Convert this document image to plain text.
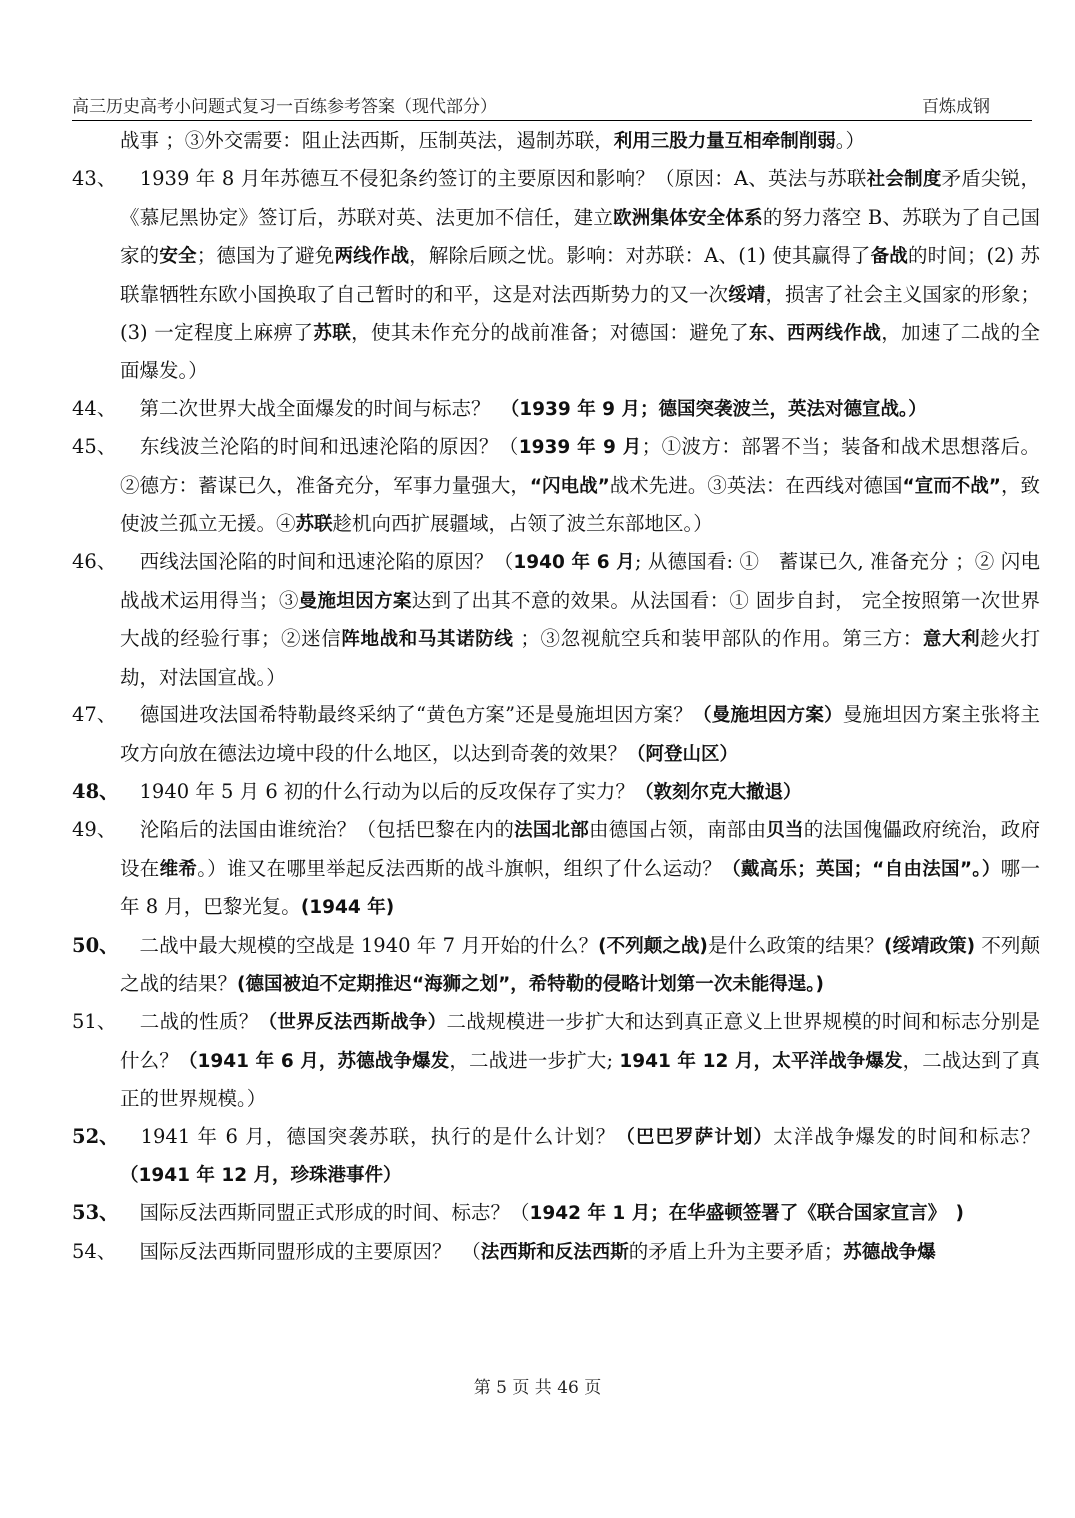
高三历史高考小问题式复习一百练参考答案（现代部分）	百炼成钢
战事 ；③外交需要：阻止法西斯，压制英法，遏制苏联，利用三股力量互相牵制削弱。）
43、 　1939 年 8 月年苏德互不侵犯条约签订的主要原因和影响？（原因：A、英法与苏联社会制度矛盾尖锐，《慕尼黑协定》签订后，苏联对英、法更加不信任，建立欧洲集体安全体系的努力落空 B、苏联为了自己国家的安全；德国为了避免两线作战，解除后顾之忧。影响：对苏联：A、(1) 使其赢得了备战的时间；(2) 苏联靠牺牲东欧小国换取了自己暂时的和平，这是对法西斯势力的又一次绥靖，损害了社会主义国家的形象；(3) 一定程度上麻痹了苏联，使其未作充分的战前准备；对德国：避免了东、西两线作战，加速了二战的全面爆发。）
44、 　第二次世界大战全面爆发的时间与标志？　（1939 年 9 月；德国突袭波兰，英法对德宣战。）
45、 　东线波兰沦陷的时间和迅速沦陷的原因？（1939 年 9 月；①波方：部署不当；装备和战术思想落后。②德方：蓄谋已久，准备充分，军事力量强大，“闪电战”战术先进。③英法：在西线对德国“宣而不战”，致使波兰孤立无援。④苏联趁机向西扩展疆域，占领了波兰东部地区。）
46、 　西线法国沦陷的时间和迅速沦陷的原因？（1940 年 6 月; 从德国看: ①　蓄谋已久, 准备充分 ；② 闪电战战术运用得当；③曼施坦因方案达到了出其不意的效果。从法国看：① 固步自封， 完全按照第一次世界大战的经验行事；②迷信阵地战和马其诺防线 ；③忽视航空兵和装甲部队的作用。第三方：意大利趁火打劫，对法国宣战。）
47、 　德国进攻法国希特勒最终采纳了“黄色方案”还是曼施坦因方案？（曼施坦因方案）曼施坦因方案主张将主攻方向放在德法边境中段的什么地区，以达到奇袭的效果？（阿登山区）
48、 　1940 年 5 月 6 初的什么行动为以后的反攻保存了实力？（敦刻尔克大撤退）
49、 　沦陷后的法国由谁统治？（包括巴黎在内的法国北部由德国占领，南部由贝当的法国傀儡政府统治，政府设在维希。）谁又在哪里举起反法西斯的战斗旗帜，组织了什么运动？（戴高乐；英国；“自由法国”。）哪一年 8 月，巴黎光复。(1944 年)
50、 　二战中最大规模的空战是 1940 年 7 月开始的什么？(不列颠之战)是什么政策的结果？(绥靖政策) 不列颠之战的结果？(德国被迫不定期推迟“海狮之划”，希特勒的侵略计划第一次未能得逞。)
51、 　二战的性质？（世界反法西斯战争）二战规模进一步扩大和达到真正意义上世界规模的时间和标志分别是什么？（1941 年 6 月，苏德战争爆发，二战进一步扩大; 1941 年 12 月，太平洋战争爆发，二战达到了真正的世界规模。）
52、 　1941 年 6 月，德国突袭苏联，执行的是什么计划？（巴巴罗萨计划）太洋战争爆发的时间和标志？（1941 年 12 月，珍珠港事件）
53、 　国际反法西斯同盟正式形成的时间、标志？（1942 年 1 月；在华盛顿签署了《联合国家宣言》　)
54、 　国际反法西斯同盟形成的主要原因？　（法西斯和反法西斯的矛盾上升为主要矛盾；苏德战争爆
第 5 页 共 46 页
